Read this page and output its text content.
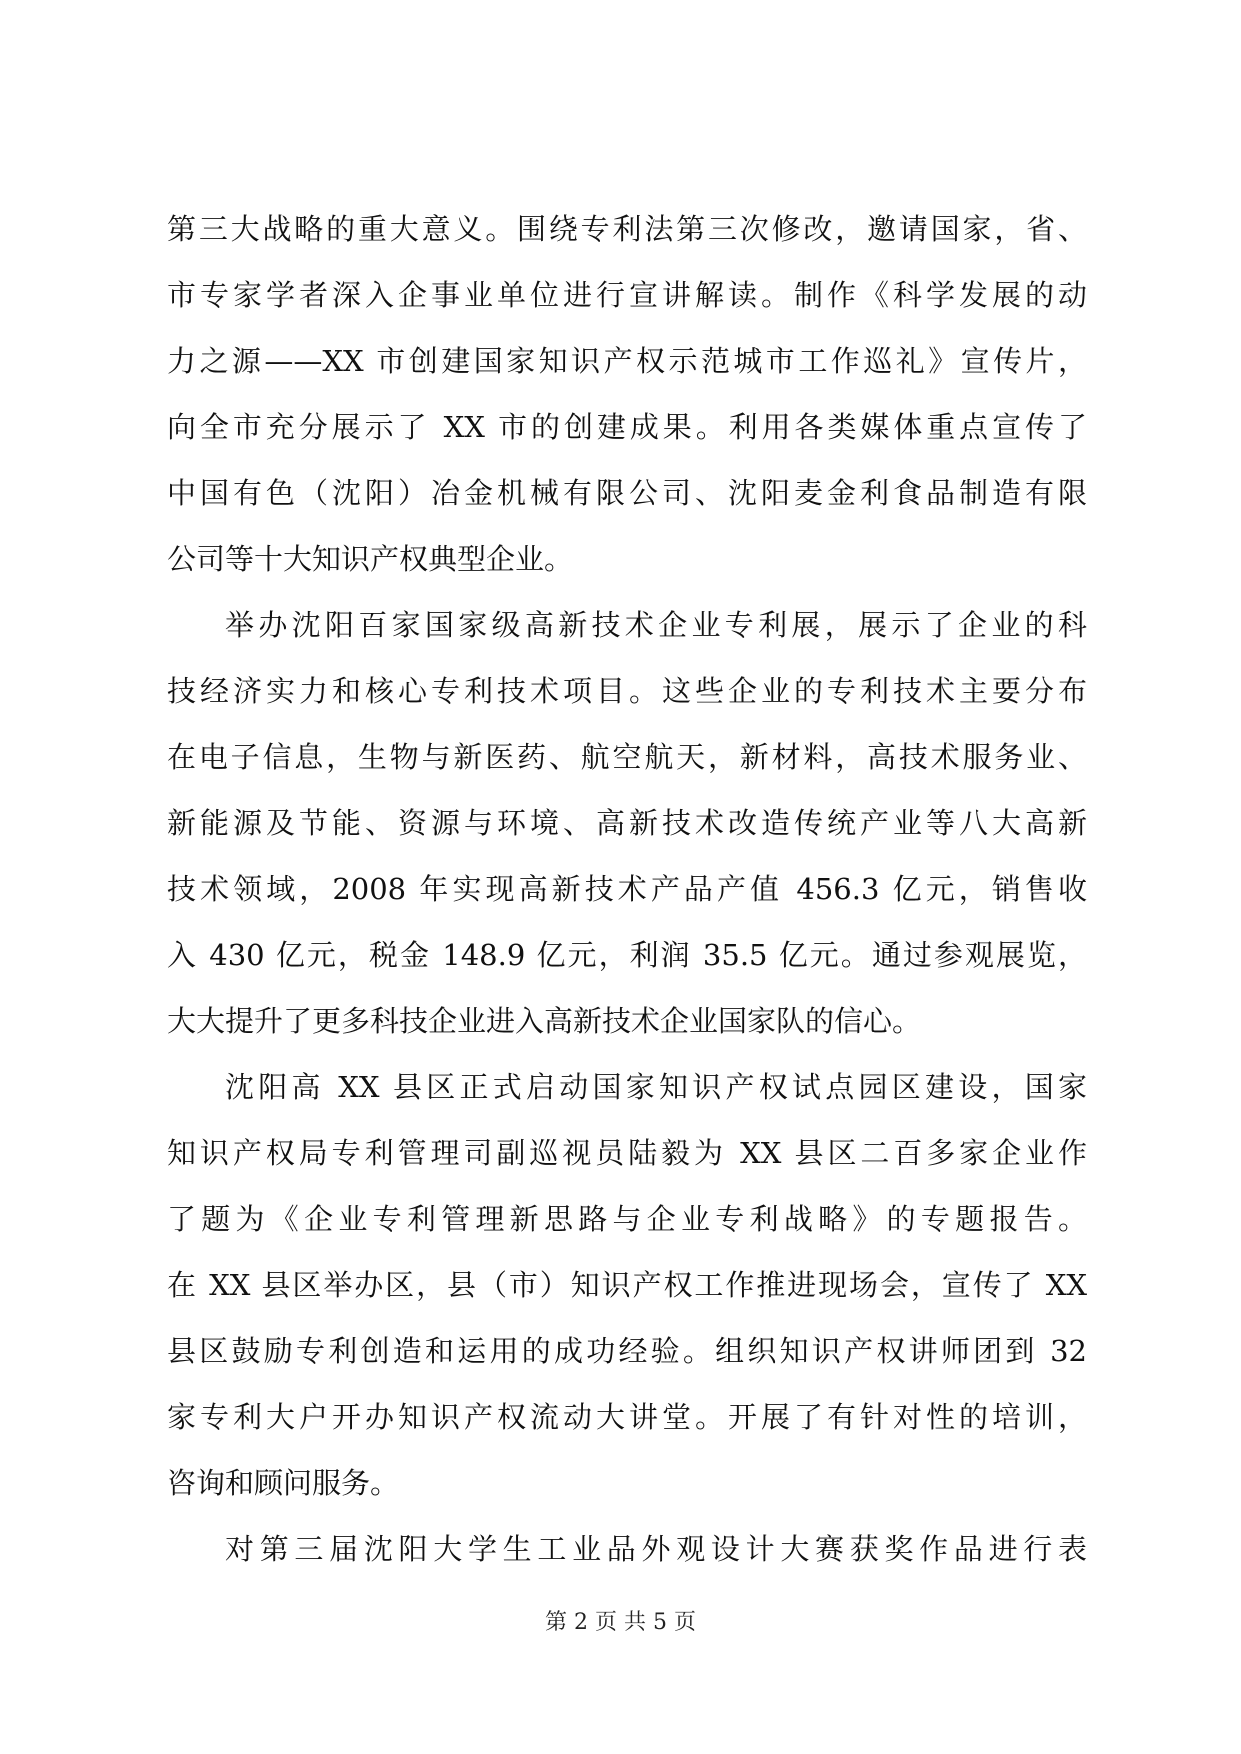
第三大战略的重大意义。围绕专利法第三次修改，邀请国家，省、
市专家学者深入企事业单位进行宣讲解读。制作《科学发展的动
力之源——XX 市创建国家知识产权示范城市工作巡礼》宣传片，
向全市充分展示了 XX 市的创建成果。利用各类媒体重点宣传了
中国有色（沈阳）冶金机械有限公司、沈阳麦金利食品制造有限
公司等十大知识产权典型企业。
举办沈阳百家国家级高新技术企业专利展，展示了企业的科
技经济实力和核心专利技术项目。这些企业的专利技术主要分布
在电子信息，生物与新医药、航空航天，新材料，高技术服务业、
新能源及节能、资源与环境、高新技术改造传统产业等八大高新
技术领域，2008 年实现高新技术产品产值 456.3 亿元，销售收
入 430 亿元，税金 148.9 亿元，利润 35.5 亿元。通过参观展览，
大大提升了更多科技企业进入高新技术企业国家队的信心。
沈阳高 XX 县区正式启动国家知识产权试点园区建设，国家
知识产权局专利管理司副巡视员陆毅为 XX 县区二百多家企业作
了题为《企业专利管理新思路与企业专利战略》的专题报告。
在 XX 县区举办区，县（市）知识产权工作推进现场会，宣传了 XX
县区鼓励专利创造和运用的成功经验。组织知识产权讲师团到 32
家专利大户开办知识产权流动大讲堂。开展了有针对性的培训，
咨询和顾问服务。
对第三届沈阳大学生工业品外观设计大赛获奖作品进行表
第 2 页 共 5 页
